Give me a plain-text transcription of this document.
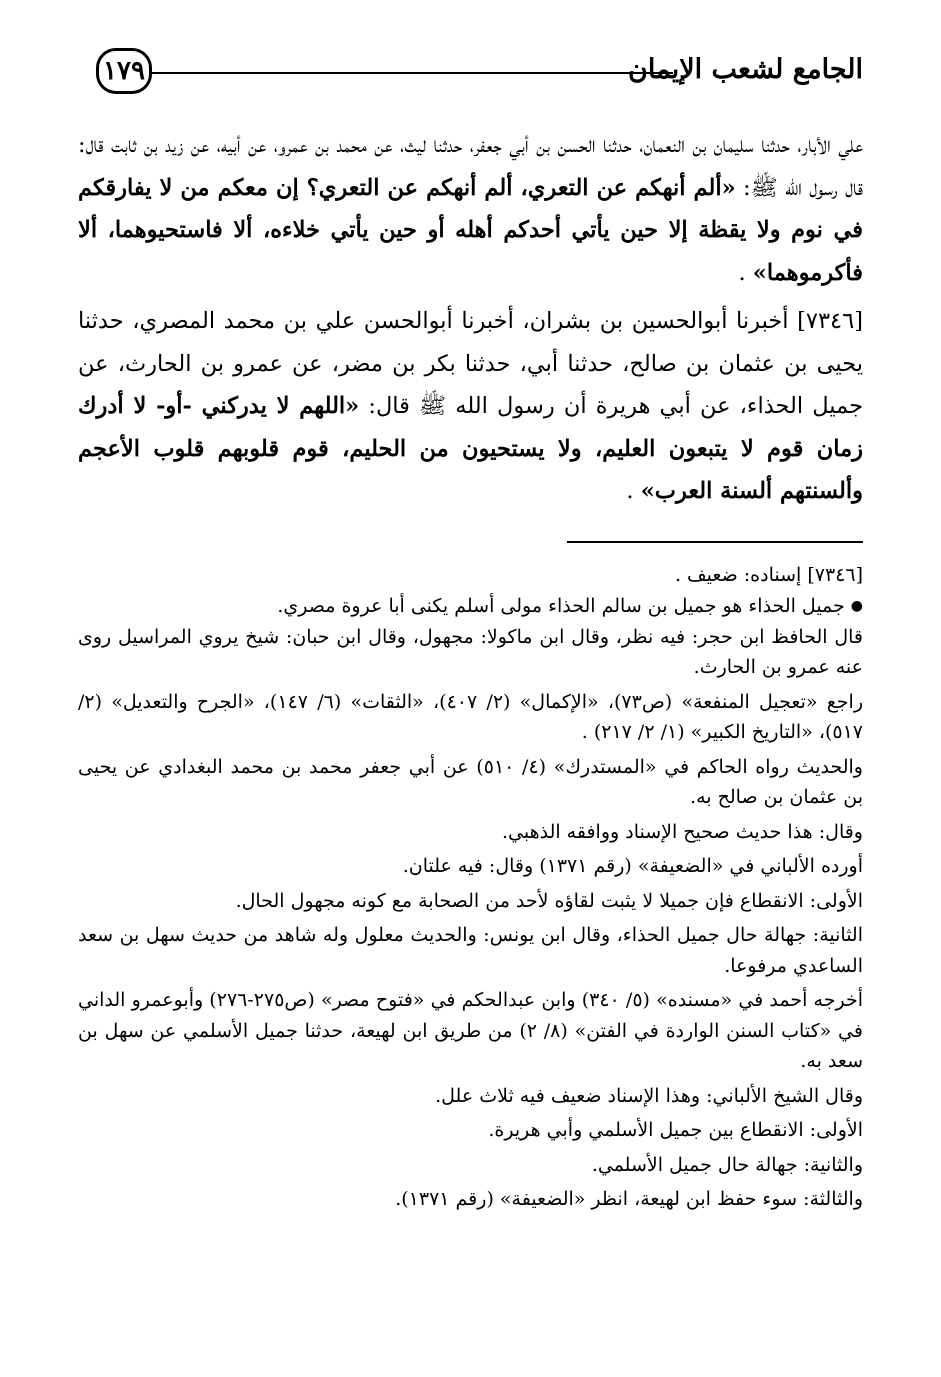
الجامع لشعب الإيمان
١٧٩

علي الأبار، حدثنا سليمان بن النعمان، حدثنا الحسن بن أبي جعفر، حدثنا ليث، عن محمد بن عمرو، عن أبيه، عن زيد بن ثابت قال: قال رسول الله ﷺ: «ألم أنهكم عن التعري، ألم أنهكم عن التعري؟ إن معكم من لا يفارقكم في نوم ولا يقظة إلا حين يأتي أحدكم أهله أو حين يأتي خلاءه، ألا فاستحيوهما، ألا فأكرموهما» .

[٧٣٤٦] أخبرنا أبوالحسين بن بشران، أخبرنا أبوالحسن علي بن محمد المصري، حدثنا يحيى بن عثمان بن صالح، حدثنا أبي، حدثنا بكر بن مضر، عن عمرو بن الحارث، عن جميل الحذاء، عن أبي هريرة أن رسول الله ﷺ قال: «اللهم لا يدركني -أو- لا أدرك زمان قوم لا يتبعون العليم، ولا يستحيون من الحليم، قوم قلوبهم قلوب الأعجم وألسنتهم ألسنة العرب» .

[٧٣٤٦] إسناده: ضعيف .

●جميل الحذاء هو جميل بن سالم الحذاء مولى أسلم يكنى أبا عروة مصري.

قال الحافظ ابن حجر: فيه نظر، وقال ابن ماكولا: مجهول، وقال ابن حبان: شيخ يروي المراسيل روى عنه عمرو بن الحارث.

راجع «تعجيل المنفعة» (ص٧٣)، «الإكمال» (٢/ ٤٠٧)، «الثقات» (٦/ ١٤٧)، «الجرح والتعديل» (٢/ ٥١٧)، «التاريخ الكبير» (١/ ٢/ ٢١٧) .

والحديث رواه الحاكم في «المستدرك» (٤/ ٥١٠) عن أبي جعفر محمد بن محمد البغدادي عن يحيى بن عثمان بن صالح به.

وقال: هذا حديث صحيح الإسناد ووافقه الذهبي.

أورده الألباني في «الضعيفة» (رقم ١٣٧١) وقال: فيه علتان.

الأولى: الانقطاع فإن جميلا لا يثبت لقاؤه لأحد من الصحابة مع كونه مجهول الحال.

الثانية: جهالة حال جميل الحذاء، وقال ابن يونس: والحديث معلول وله شاهد من حديث سهل بن سعد الساعدي مرفوعا.

أخرجه أحمد في «مسنده» (٥/ ٣٤٠) وابن عبدالحكم في «فتوح مصر» (ص٢٧٥-٢٧٦) وأبوعمرو الداني في «كتاب السنن الواردة في الفتن» (٨/ ٢) من طريق ابن لهيعة، حدثنا جميل الأسلمي عن سهل بن سعد به.

وقال الشيخ الألباني: وهذا الإسناد ضعيف فيه ثلاث علل.

الأولى: الانقطاع بين جميل الأسلمي وأبي هريرة.

والثانية: جهالة حال جميل الأسلمي.

والثالثة: سوء حفظ ابن لهيعة، انظر «الضعيفة» (رقم ١٣٧١).
